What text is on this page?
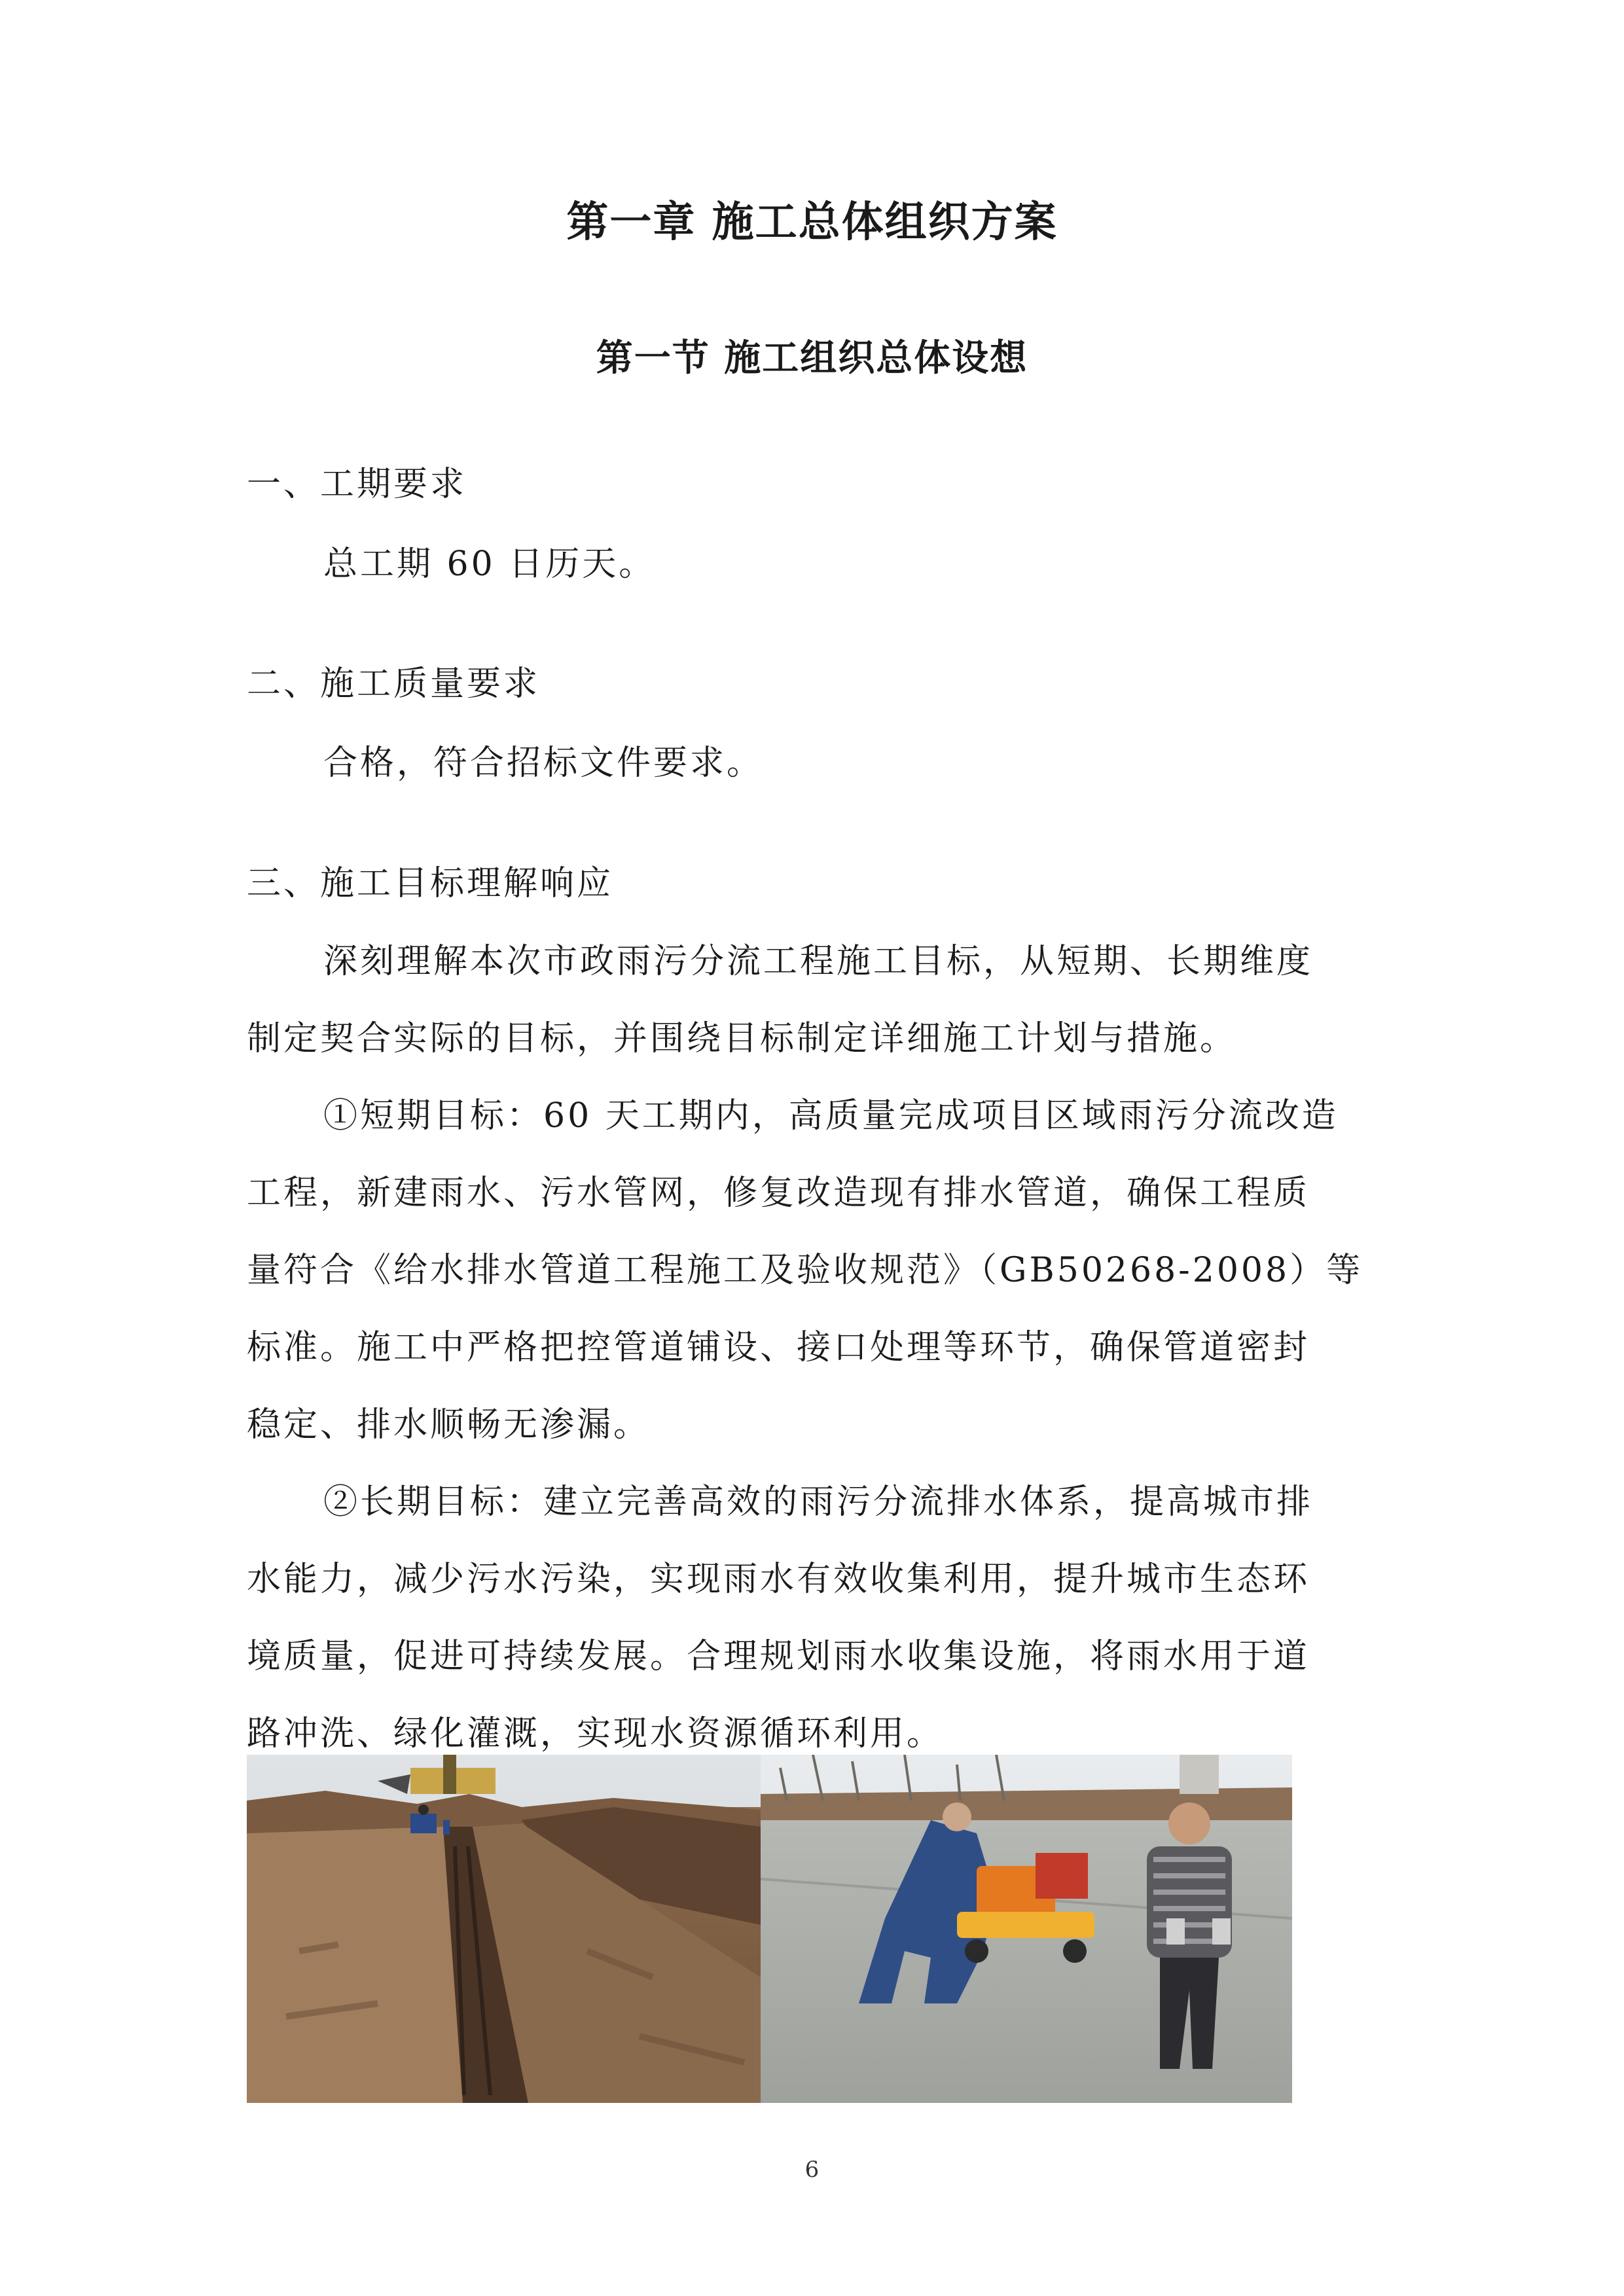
第一章 施工总体组织方案
第一节 施工组织总体设想
一、工期要求
总工期 60 日历天。
二、施工质量要求
合格，符合招标文件要求。
三、施工目标理解响应
深刻理解本次市政雨污分流工程施工目标，从短期、长期维度
制定契合实际的目标，并围绕目标制定详细施工计划与措施。
①短期目标：60 天工期内，高质量完成项目区域雨污分流改造
工程，新建雨水、污水管网，修复改造现有排水管道，确保工程质
量符合《给水排水管道工程施工及验收规范》（GB50268-2008）等
标准。施工中严格把控管道铺设、接口处理等环节，确保管道密封
稳定、排水顺畅无渗漏。
②长期目标：建立完善高效的雨污分流排水体系，提高城市排
水能力，减少污水污染，实现雨水有效收集利用，提升城市生态环
境质量，促进可持续发展。合理规划雨水收集设施，将雨水用于道
路冲洗、绿化灌溉，实现水资源循环利用。
6
